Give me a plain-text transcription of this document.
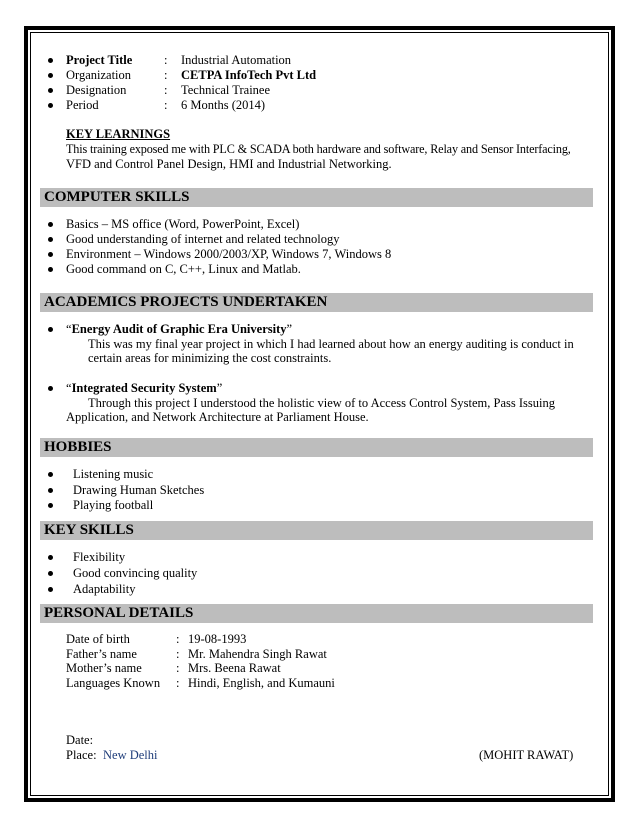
Project Title	: Industrial Automation
Organization	: CETPA InfoTech Pvt Ltd
Designation	: Technical Trainee
Period	: 6 Months (2014)
KEY LEARNINGS
This training exposed me with PLC & SCADA both hardware and software, Relay and Sensor Interfacing,
VFD and Control Panel Design, HMI and Industrial Networking.
COMPUTER SKILLS
Basics – MS office (Word, PowerPoint, Excel)
Good understanding of internet and related technology
Environment – Windows 2000/2003/XP, Windows 7, Windows 8
Good command on C, C++, Linux and Matlab.
ACADEMICS PROJECTS UNDERTAKEN
“Energy Audit of Graphic Era University”
This was my final year project in which I had learned about how an energy auditing is conduct in
certain areas for minimizing the cost constraints.
“Integrated Security System”
Through this project I understood the holistic view of to Access Control System, Pass Issuing
Application, and Network Architecture at Parliament House.
HOBBIES
Listening music
Drawing Human Sketches
Playing football
KEY SKILLS
Flexibility
Good convincing quality
Adaptability
PERSONAL DETAILS
Date of birth	: 19-08-1993
Father’s name	: Mr. Mahendra Singh Rawat
Mother’s name	: Mrs. Beena Rawat
Languages Known : Hindi, English, and Kumauni
Date:
Place: New Delhi	(MOHIT RAWAT)
